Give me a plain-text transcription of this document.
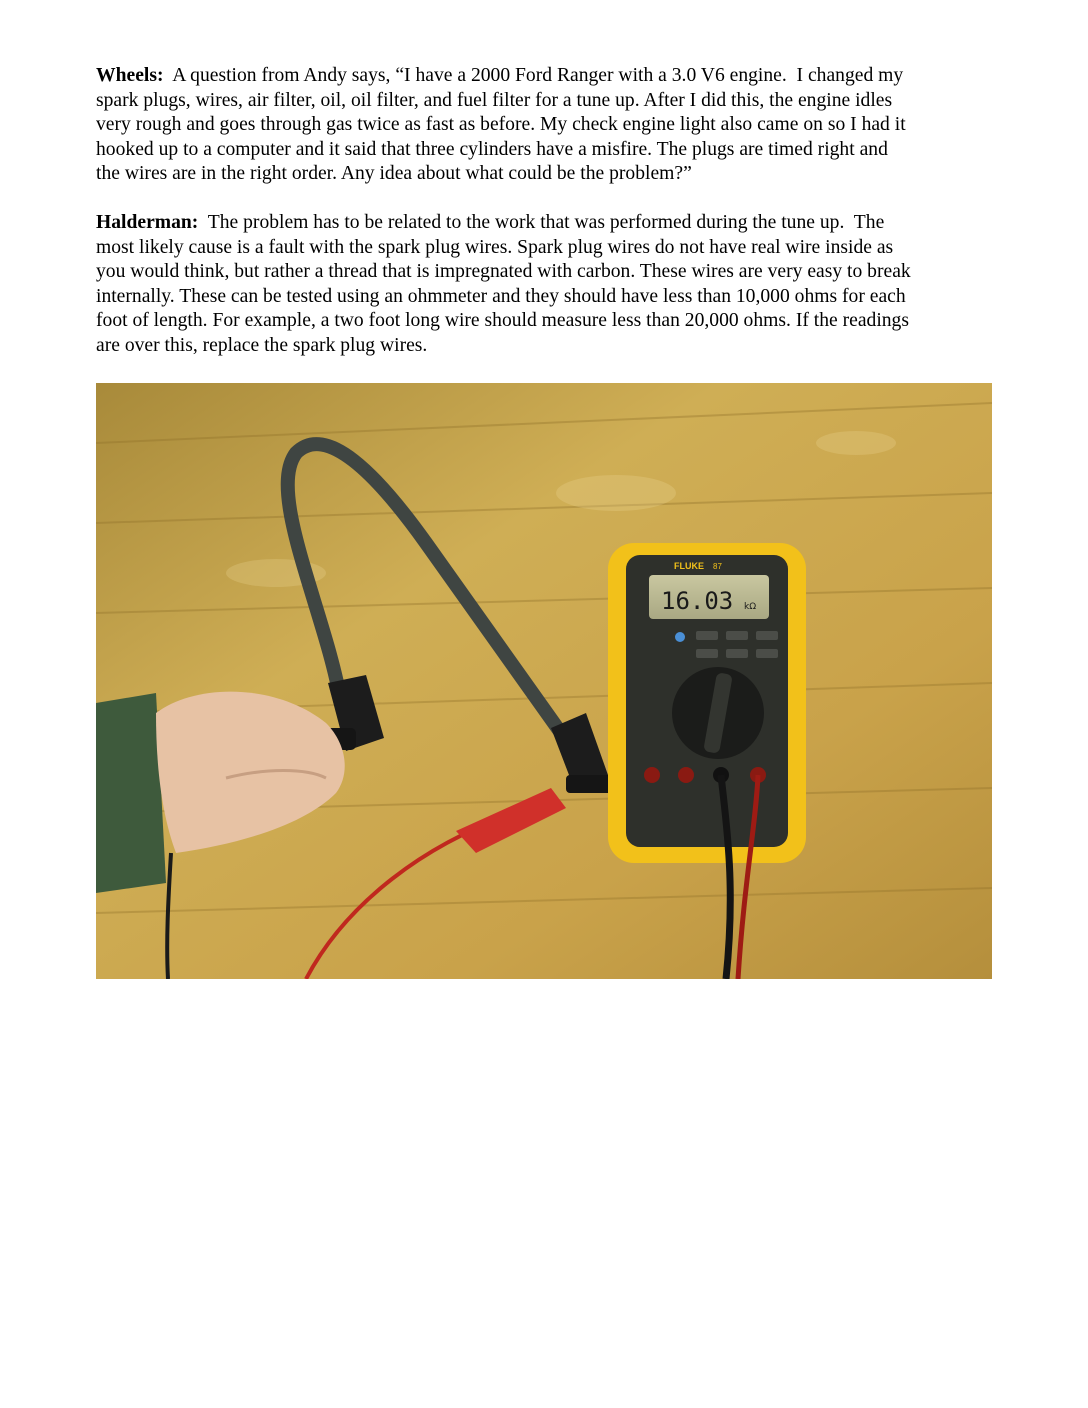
Wheels:  A question from Andy says, “I have a 2000 Ford Ranger with a 3.0 V6 engine.  I changed my
spark plugs, wires, air filter, oil, oil filter, and fuel filter for a tune up. After I did this, the engine idles
very rough and goes through gas twice as fast as before. My check engine light also came on so I had it
hooked up to a computer and it said that three cylinders have a misfire. The plugs are timed right and
the wires are in the right order. Any idea about what could be the problem?”

Halderman:  The problem has to be related to the work that was performed during the tune up.  The
most likely cause is a fault with the spark plug wires. Spark plug wires do not have real wire inside as
you would think, but rather a thread that is impregnated with carbon. These wires are very easy to break
internally. These can be tested using an ohmmeter and they should have less than 10,000 ohms for each
foot of length. For example, a two foot long wire should measure less than 20,000 ohms. If the readings
are over this, replace the spark plug wires.

FLUKE 87
16.03 kΩ
